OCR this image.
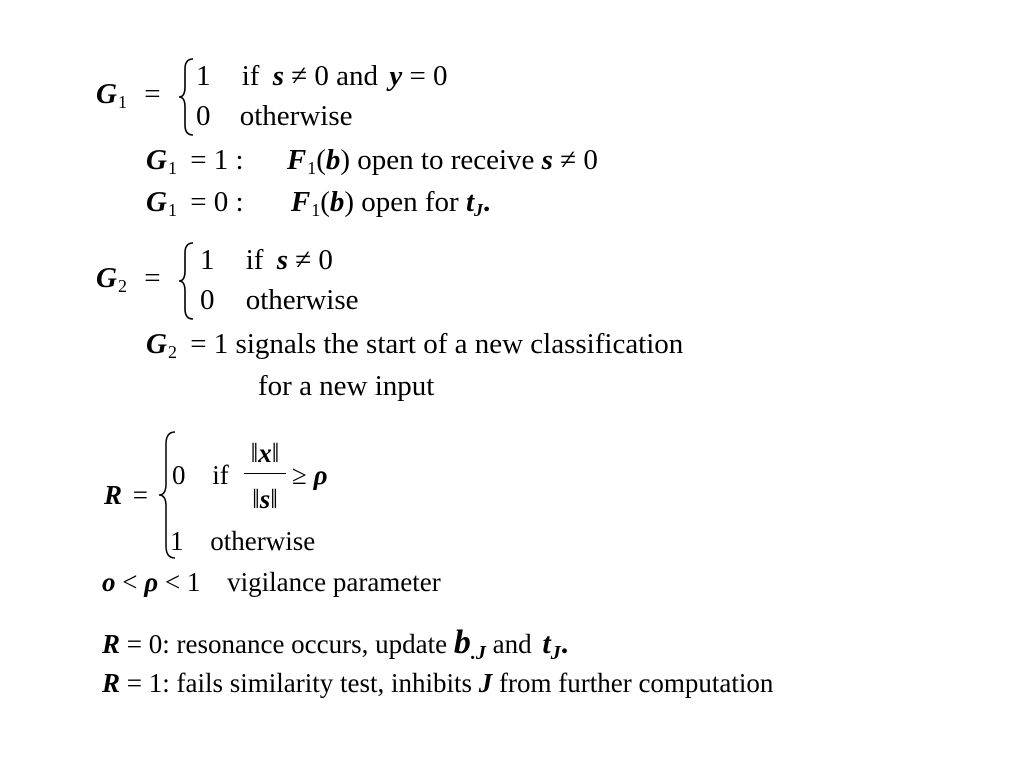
G1 =
1 if s ≠ 0 and y = 0
0 otherwise
G1 = 1 : F1(b) open to receive s ≠ 0
G1 = 0 : F1(b) open for tJ.
G2 =
1 if s ≠ 0
0 otherwise
G2 = 1 signals the start of a new classification
for a new input
R =
0 if
‖x‖
‖s‖
≥ ρ
1 otherwise
o < ρ < 1 vigilance parameter
R = 0: resonance occurs, update $b_{.J}$ and $t_J$.
R = 1: fails similarity test, inhibits J from further computation
